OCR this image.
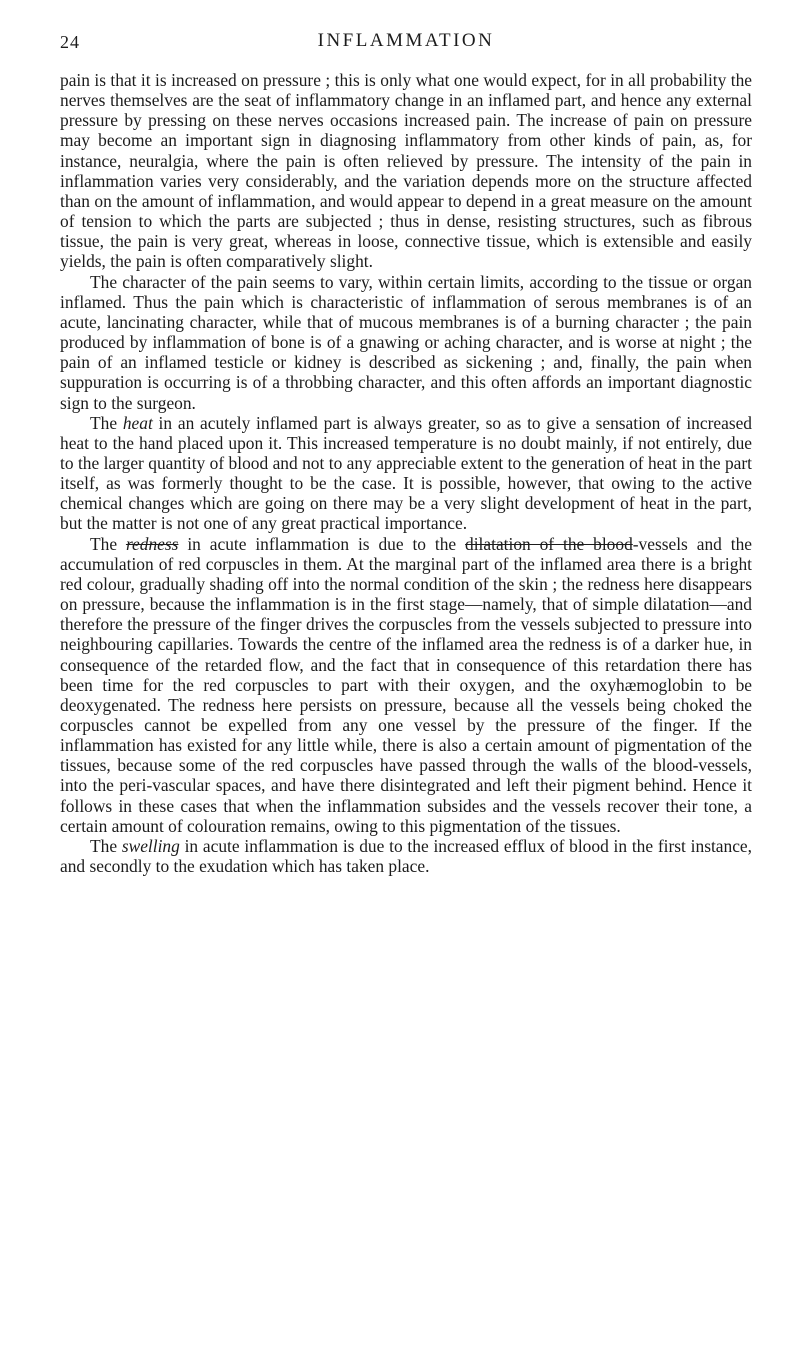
24	INFLAMMATION

pain is that it is increased on pressure ; this is only what one would expect, for in all probability the nerves themselves are the seat of inflammatory change in an inflamed part, and hence any external pressure by pressing on these nerves occasions increased pain. The increase of pain on pressure may become an important sign in diagnosing inflammatory from other kinds of pain, as, for instance, neuralgia, where the pain is often relieved by pressure. The intensity of the pain in inflammation varies very considerably, and the variation depends more on the structure affected than on the amount of inflammation, and would appear to depend in a great measure on the amount of tension to which the parts are subjected ; thus in dense, resisting structures, such as fibrous tissue, the pain is very great, whereas in loose, connective tissue, which is extensible and easily yields, the pain is often comparatively slight.

The character of the pain seems to vary, within certain limits, according to the tissue or organ inflamed. Thus the pain which is characteristic of inflammation of serous membranes is of an acute, lancinating character, while that of mucous membranes is of a burning character ; the pain produced by inflammation of bone is of a gnawing or aching character, and is worse at night ; the pain of an inflamed testicle or kidney is described as sickening ; and, finally, the pain when suppuration is occurring is of a throbbing character, and this often affords an important diagnostic sign to the surgeon.

The heat in an acutely inflamed part is always greater, so as to give a sensation of increased heat to the hand placed upon it. This increased temperature is no doubt mainly, if not entirely, due to the larger quantity of blood and not to any appreciable extent to the generation of heat in the part itself, as was formerly thought to be the case. It is possible, however, that owing to the active chemical changes which are going on there may be a very slight development of heat in the part, but the matter is not one of any great practical importance.

The redness in acute inflammation is due to the dilatation of the blood-vessels and the accumulation of red corpuscles in them. At the marginal part of the inflamed area there is a bright red colour, gradually shading off into the normal condition of the skin ; the redness here disappears on pressure, because the inflammation is in the first stage—namely, that of simple dilatation—and therefore the pressure of the finger drives the corpuscles from the vessels subjected to pressure into neighbouring capillaries. Towards the centre of the inflamed area the redness is of a darker hue, in consequence of the retarded flow, and the fact that in consequence of this retardation there has been time for the red corpuscles to part with their oxygen, and the oxyhæmoglobin to be deoxygenated. The redness here persists on pressure, because all the vessels being choked the corpuscles cannot be expelled from any one vessel by the pressure of the finger. If the inflammation has existed for any little while, there is also a certain amount of pigmentation of the tissues, because some of the red corpuscles have passed through the walls of the blood-vessels, into the peri-vascular spaces, and have there disintegrated and left their pigment behind. Hence it follows in these cases that when the inflammation subsides and the vessels recover their tone, a certain amount of colouration remains, owing to this pigmentation of the tissues.

The swelling in acute inflammation is due to the increased efflux of blood in the first instance, and secondly to the exudation which has taken place.
